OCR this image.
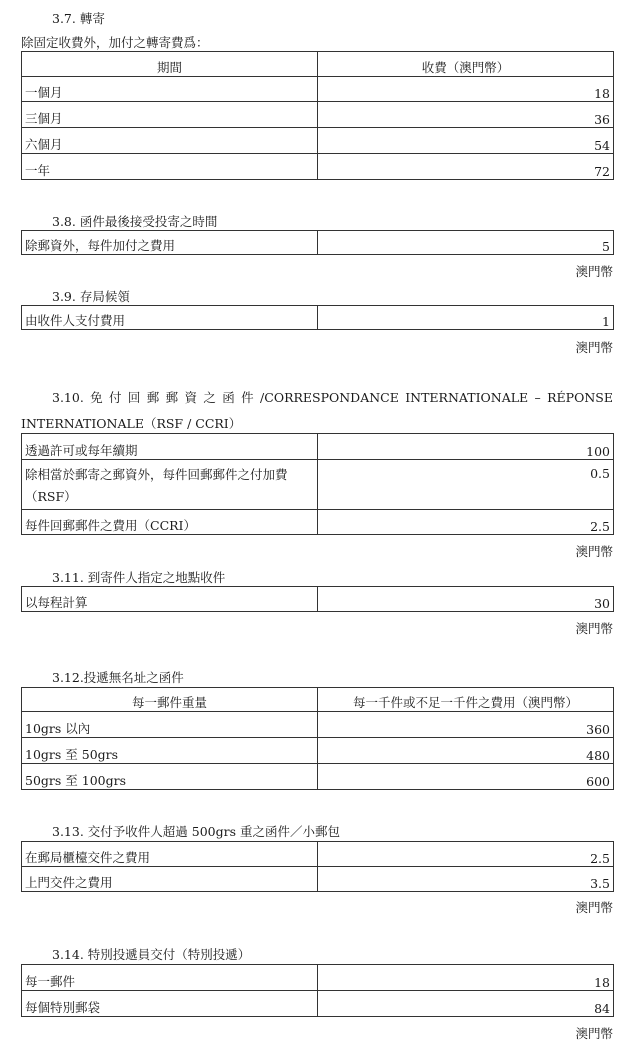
3.7. 轉寄
除固定收費外，加付之轉寄費爲：
期間	收費（澳門幣）
一個月	18
三個月	36
六個月	54
一年	72
3.8. 函件最後接受投寄之時間
除郵資外，每件加付之費用	5
澳門幣
3.9. 存局候領
由收件人支付費用	1
澳門幣
3.10. 免 付 回 郵 郵 資 之 函 件 /CORRESPONDANCE INTERNATIONALE – RÉPONSE
INTERNATIONALE（RSF / CCRI）
透過許可或每年續期	100
除相當於郵寄之郵資外，每件回郵郵件之付加費（RSF）	0.5
每件回郵郵件之費用（CCRI）	2.5
澳門幣
3.11. 到寄件人指定之地點收件
以每程計算	30
澳門幣
3.12.投遞無名址之函件
每一郵件重量	每一千件或不足一千件之費用（澳門幣）
10grs 以內	360
10grs 至 50grs	480
50grs 至 100grs	600
3.13. 交付予收件人超過 500grs 重之函件／小郵包
在郵局櫃檯交件之費用	2.5
上門交件之費用	3.5
澳門幣
3.14. 特別投遞員交付（特別投遞）
每一郵件	18
每個特別郵袋	84
澳門幣
